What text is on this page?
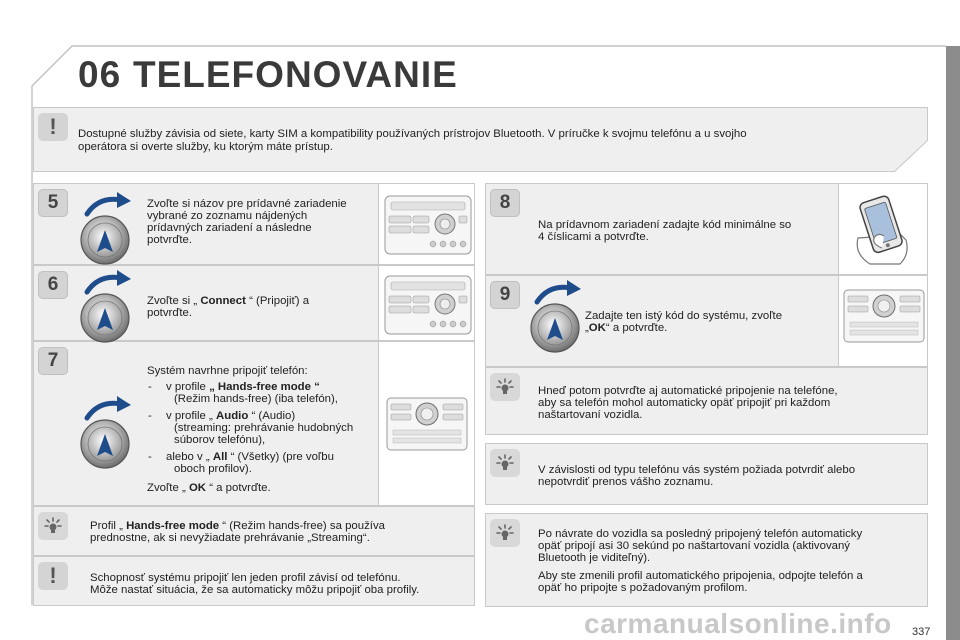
06 TELEFONOVANIE
! Dostupné služby závisia od siete, karty SIM a kompatibility používaných prístrojov Bluetooth. V príručke k svojmu telefónu a u svojho
operátora si overte služby, ku ktorým máte prístup.
5
6
7
!
8
9
Zvoľte si názov pre prídavné zariadenie
vybrané zo zoznamu nájdených
prídavných zariadení a následne
potvrďte.
Zvoľte si „ Connect “ (Pripojiť) a
potvrďte.
Systém navrhne pripojiť telefón:
- v profile „ Hands-free mode “
(Režim hands-free) (iba telefón),
- v profile „ Audio “ (Audio)
(streaming: prehrávanie hudobných
súborov telefónu),
- alebo v „ All “ (Všetky) (pre voľbu
oboch profilov).
Zvoľte „ OK “ a potvrďte.
Profil „ Hands-free mode “ (Režim hands-free) sa používa
prednostne, ak si nevyžiadate prehrávanie „Streaming“.
Schopnosť systému pripojiť len jeden profil závisí od telefónu.
Môže nastať situácia, že sa automaticky môžu pripojiť oba profily.
Na prídavnom zariadení zadajte kód minimálne so
4 číslicami a potvrďte.
Zadajte ten istý kód do systému, zvoľte
„OK“ a potvrďte.
Hneď potom potvrďte aj automatické pripojenie na telefóne,
aby sa telefón mohol automaticky opäť pripojiť pri každom
naštartovaní vozidla.
V závislosti od typu telefónu vás systém požiada potvrdiť alebo
nepotvrdiť prenos vášho zoznamu.
Po návrate do vozidla sa posledný pripojený telefón automaticky
opäť pripojí asi 30 sekúnd po naštartovaní vozidla (aktivovaný
Bluetooth je viditeľný).
Aby ste zmenili profil automatického pripojenia, odpojte telefón a
opäť ho pripojte s požadovaným profilom.
carmanualsonline.info 337
